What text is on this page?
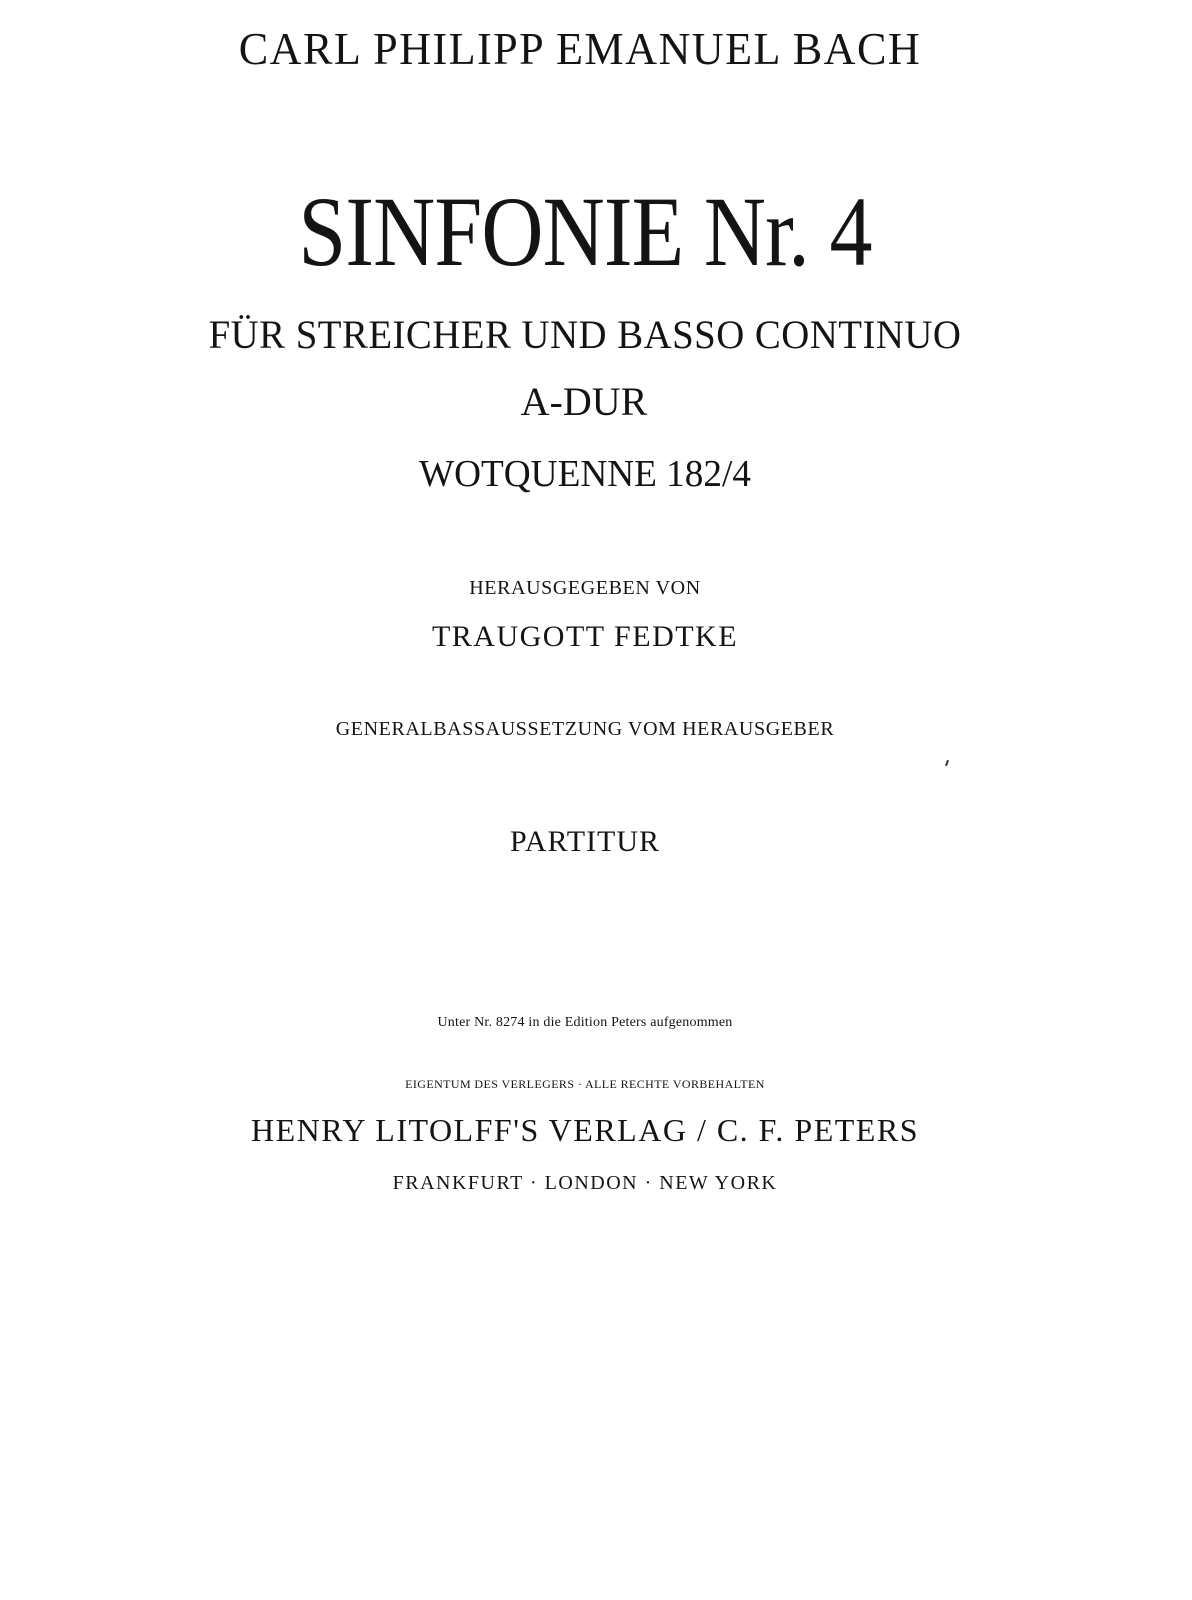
CARL PHILIPP EMANUEL BACH
SINFONIE Nr. 4
FÜR STREICHER UND BASSO CONTINUO
A-DUR
WOTQUENNE 182/4
HERAUSGEGEBEN VON
TRAUGOTT FEDTKE
GENERALBASSAUSSETZUNG VOM HERAUSGEBER
PARTITUR
Unter Nr. 8274 in die Edition Peters aufgenommen
EIGENTUM DES VERLEGERS · ALLE RECHTE VORBEHALTEN
HENRY LITOLFF'S VERLAG / C. F. PETERS
FRANKFURT · LONDON · NEW YORK
